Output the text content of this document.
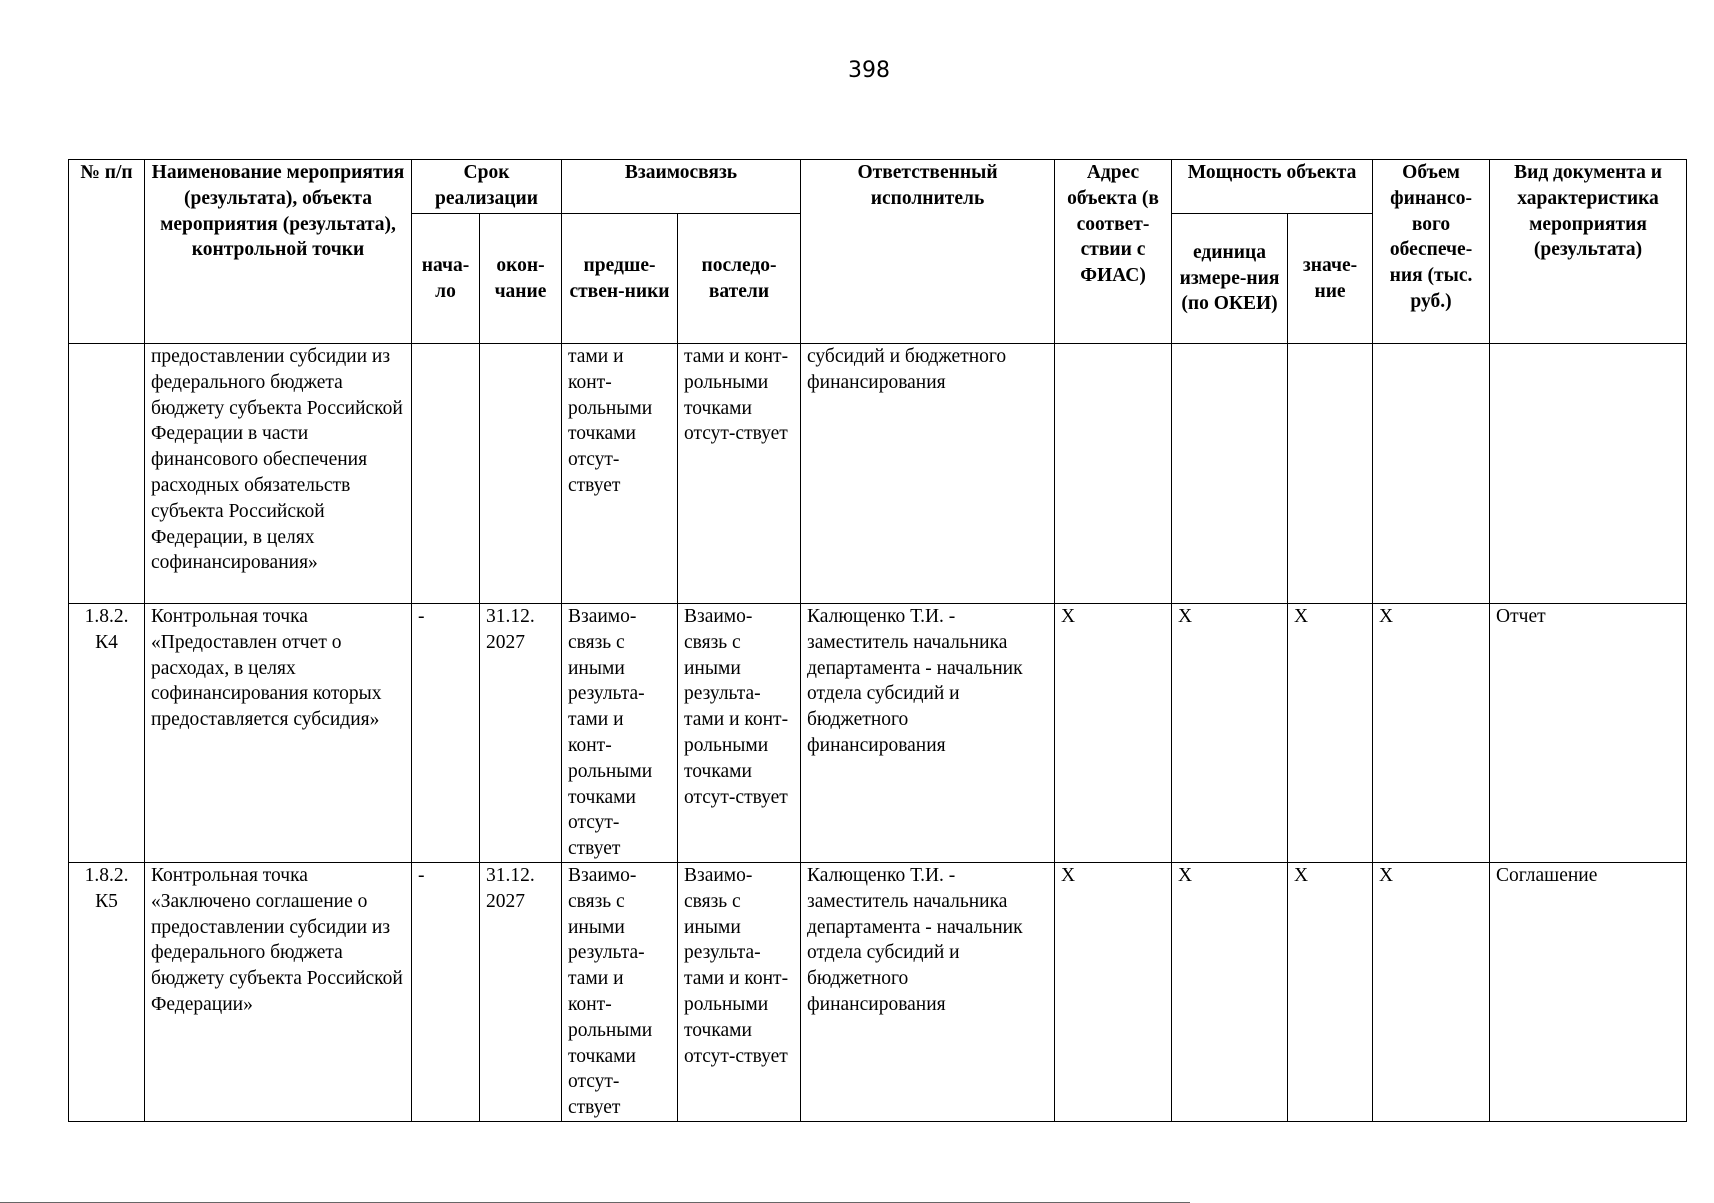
398
№ п/п	Наименование мероприятия (результата), объекта мероприятия (результата), контрольной точки	Срок реализации		Взаимосвязь		Ответственный исполнитель	Адрес объекта (в соответ-ствии с ФИАС)	Мощность объекта		Объем финансо-вого обеспече-ния (тыс. руб.)	Вид документа и характеристика мероприятия (результата)
		нача-ло	окон-чание	предше-ствен-ники	последо-ватели			единица измере-ния (по ОКЕИ)	значе-ние		
	предоставлении субсидии из федерального бюджета бюджету субъекта Российской Федерации в части финансового обеспечения расходных обязательств субъекта Российской Федерации, в целях софинансирования»			тами и конт-рольными точками отсут-ствует	тами и конт-рольными точками отсут-ствует	субсидий и бюджетного финансирования					
1.8.2. К4	Контрольная точка «Предоставлен отчет о расходах, в целях софинансирования которых предоставляется субсидия»	-	31.12. 2027	Взаимо-связь с иными результа-тами и конт-рольными точками отсут-ствует	Взаимо-связь с иными результа-тами и конт-рольными точками отсут-ствует	Калющенко Т.И. - заместитель начальника департамента - начальник отдела субсидий и бюджетного финансирования	Х	Х	Х	Х	Отчет
1.8.2. К5	Контрольная точка «Заключено соглашение о предоставлении субсидии из федерального бюджета бюджету субъекта Российской Федерации»	-	31.12. 2027	Взаимо-связь с иными результа-тами и конт-рольными точками отсут-ствует	Взаимо-связь с иными результа-тами и конт-рольными точками отсут-ствует	Калющенко Т.И. - заместитель начальника департамента - начальник отдела субсидий и бюджетного финансирования	Х	Х	Х	Х	Соглашение
